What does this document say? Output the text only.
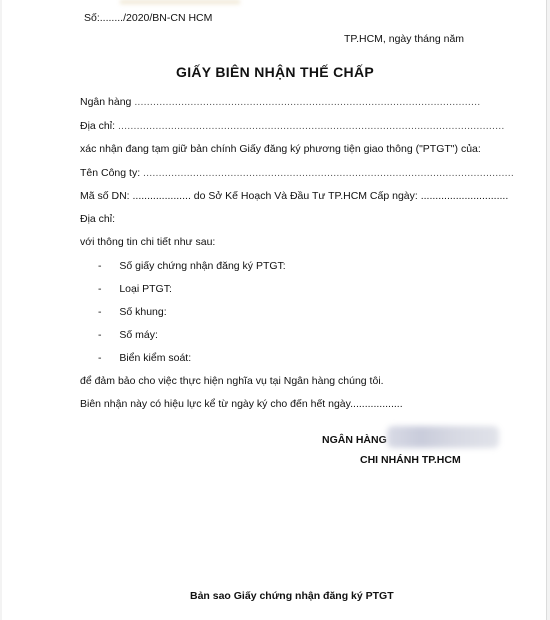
Số:......../2020/BN-CN HCM
TP.HCM, ngày tháng năm
GIẤY BIÊN NHẬN THẾ CHẤP
Ngân hàng ...............................................................................................................
Địa chỉ: ............................................................................................................................
xác nhận đang tạm giữ bản chính Giấy đăng ký phương tiện giao thông ("PTGT") của:
Tên Công ty: .......................................................................................................................
Mã số DN: .................... do Sở Kế Hoạch Và Đầu Tư TP.HCM Cấp ngày: ..............................
Địa chỉ:
với thông tin chi tiết như sau:
- Số giấy chứng nhận đăng ký PTGT:
- Loại PTGT:
- Số khung:
- Số máy:
- Biển kiểm soát:
để đảm bảo cho việc thực hiện nghĩa vụ tại Ngân hàng chúng tôi.
Biên nhận này có hiệu lực kể từ ngày ký cho đến hết ngày..................
NGÂN HÀNG
CHI NHÁNH TP.HCM
Bản sao Giấy chứng nhận đăng ký PTGT
